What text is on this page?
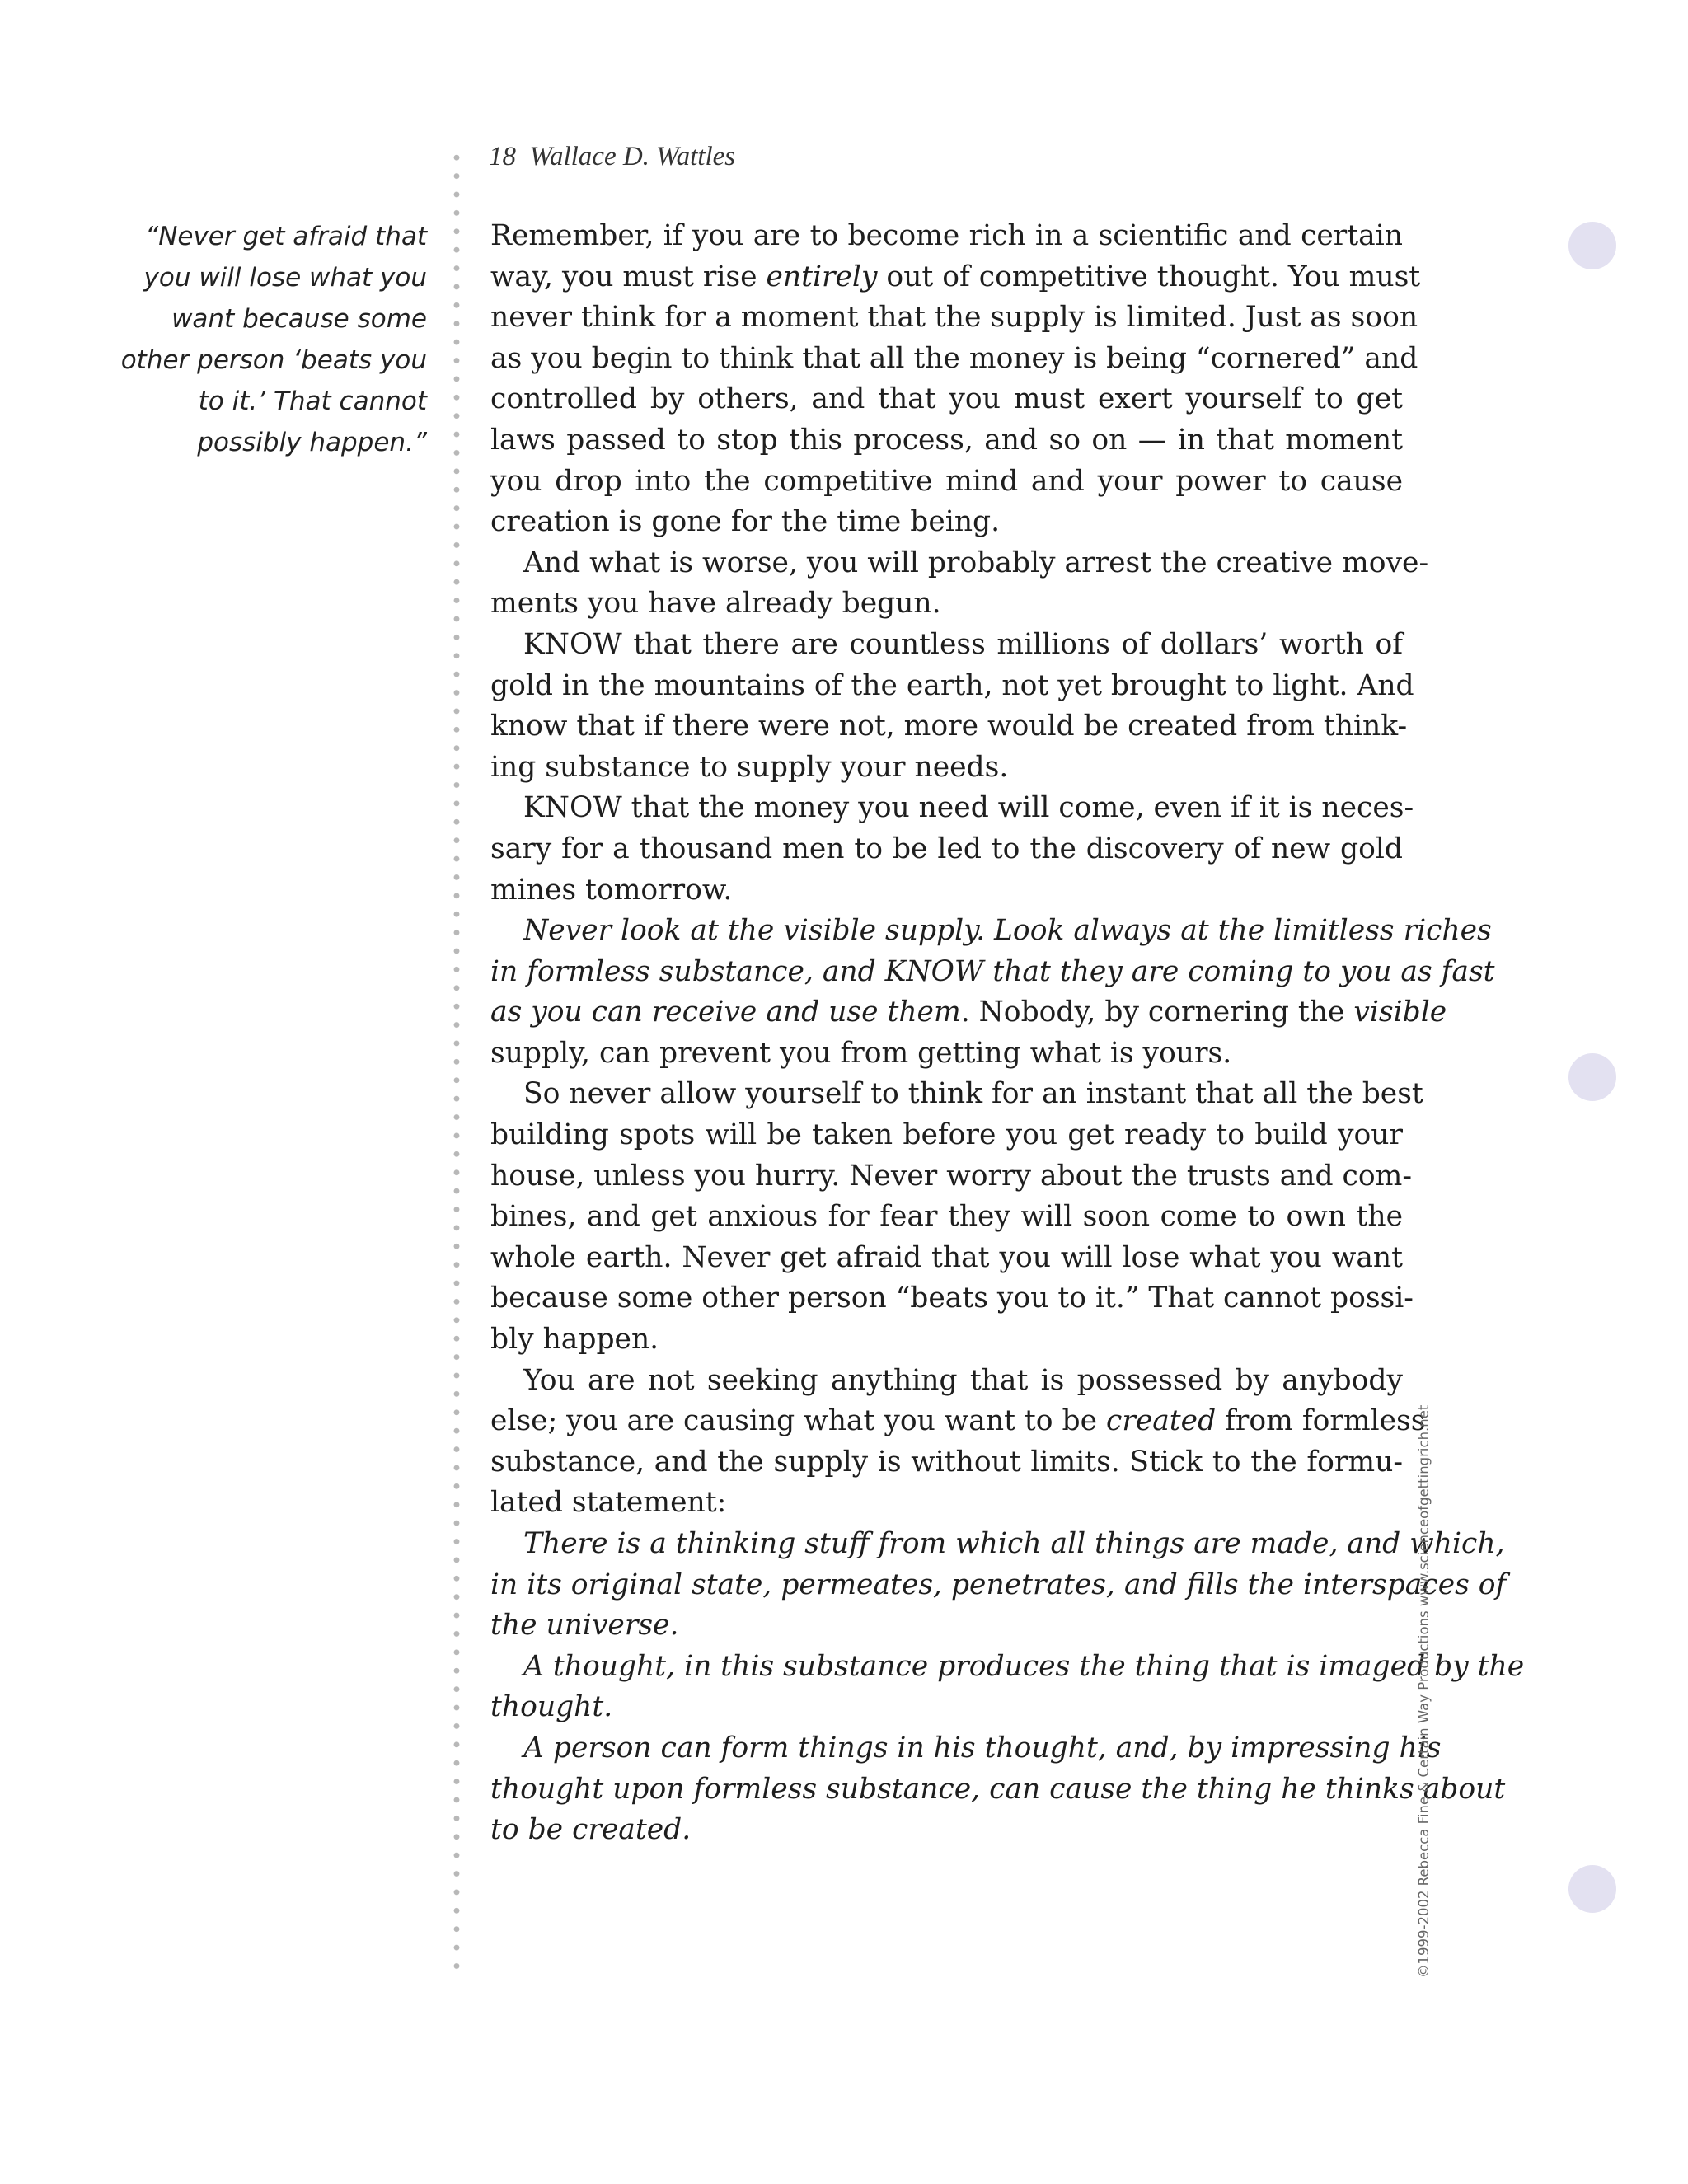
18 Wallace D. Wattles
“Never get afraid that
you will lose what you
want because some
other person ‘beats you
to it.’ That cannot
possibly happen.”
Remember, if you are to become rich in a scientific and certain
way, you must rise entirely out of competitive thought. You must
never think for a moment that the supply is limited. Just as soon
as you begin to think that all the money is being “cornered” and
controlled by others, and that you must exert yourself to get
laws passed to stop this process, and so on — in that moment
you drop into the competitive mind and your power to cause
creation is gone for the time being.
And what is worse, you will probably arrest the creative move-
ments you have already begun.
KNOW that there are countless millions of dollars’ worth of
gold in the mountains of the earth, not yet brought to light. And
know that if there were not, more would be created from think-
ing substance to supply your needs.
KNOW that the money you need will come, even if it is neces-
sary for a thousand men to be led to the discovery of new gold
mines tomorrow.
Never look at the visible supply. Look always at the limitless riches
in formless substance, and KNOW that they are coming to you as fast
as you can receive and use them. Nobody, by cornering the visible
supply, can prevent you from getting what is yours.
So never allow yourself to think for an instant that all the best
building spots will be taken before you get ready to build your
house, unless you hurry. Never worry about the trusts and com-
bines, and get anxious for fear they will soon come to own the
whole earth. Never get afraid that you will lose what you want
because some other person “beats you to it.” That cannot possi-
bly happen.
You are not seeking anything that is possessed by anybody
else; you are causing what you want to be created from formless
substance, and the supply is without limits. Stick to the formu-
lated statement:
There is a thinking stuff from which all things are made, and which,
in its original state, permeates, penetrates, and fills the interspaces of
the universe.
A thought, in this substance produces the thing that is imaged by the
thought.
A person can form things in his thought, and, by impressing his
thought upon formless substance, can cause the thing he thinks about
to be created.	©1999-2002 Rebecca Fine & Certain Way Productions www.scienceofgettingrich.net
